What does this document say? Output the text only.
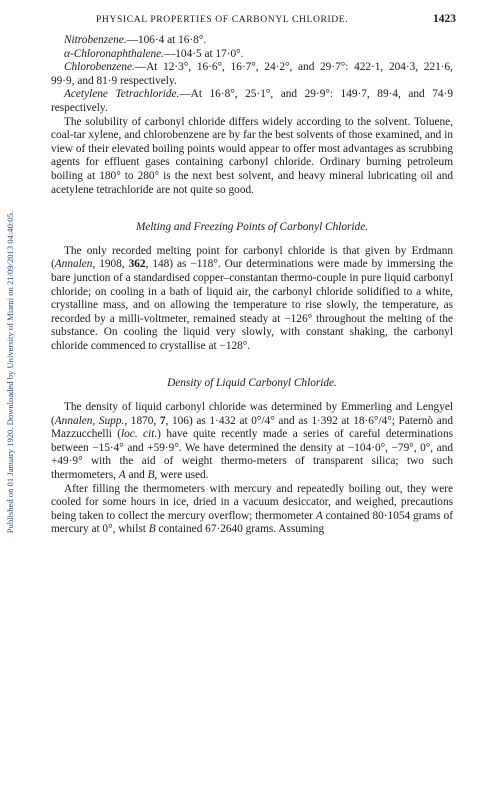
Published on 01 January 1920. Downloaded by University of Miami on 21/09/2013 04:40:05.
PHYSICAL PROPERTIES OF CARBONYL CHLORIDE.	1423
Nitrobenzene.—106·4 at 16·8°.
α-Chloronaphthalene.—104·5 at 17·0°.
Chlorobenzene.—At 12·3°, 16·6°, 16·7°, 24·2°, and 29·7°: 422·1, 204·3, 221·6, 99·9, and 81·9 respectively.
Acetylene Tetrachloride.—At 16·8°, 25·1°, and 29·9°: 149·7, 89·4, and 74·9 respectively.
The solubility of carbonyl chloride differs widely according to the solvent. Toluene, coal-tar xylene, and chlorobenzene are by far the best solvents of those examined, and in view of their elevated boiling points would appear to offer most advantages as scrubbing agents for effluent gases containing carbonyl chloride. Ordinary burning petroleum boiling at 180° to 280° is the next best solvent, and heavy mineral lubricating oil and acetylene tetrachloride are not quite so good.
Melting and Freezing Points of Carbonyl Chloride.
The only recorded melting point for carbonyl chloride is that given by Erdmann (Annalen, 1908, 362, 148) as −118°. Our determinations were made by immersing the bare junction of a standardised copper–constantan thermo-couple in pure liquid carbonyl chloride; on cooling in a bath of liquid air, the carbonyl chloride solidified to a white, crystalline mass, and on allowing the temperature to rise slowly, the temperature, as recorded by a milli-voltmeter, remained steady at −126° throughout the melting of the substance. On cooling the liquid very slowly, with constant shaking, the carbonyl chloride commenced to crystallise at −128°.
Density of Liquid Carbonyl Chloride.
The density of liquid carbonyl chloride was determined by Emmerling and Lengyel (Annalen, Supp., 1870, 7, 106) as 1·432 at 0°/4° and as 1·392 at 18·6°/4°; Paternò and Mazzucchelli (loc. cit.) have quite recently made a series of careful determinations between −15·4° and +59·9°. We have determined the density at −104·0°, −79°, 0°, and +49·9° with the aid of weight thermo-meters of transparent silica; two such thermometers, A and B, were used.
After filling the thermometers with mercury and repeatedly boiling out, they were cooled for some hours in ice, dried in a vacuum desiccator, and weighed, precautions being taken to collect the mercury overflow; thermometer A contained 80·1054 grams of mercury at 0°, whilst B contained 67·2640 grams. Assuming
